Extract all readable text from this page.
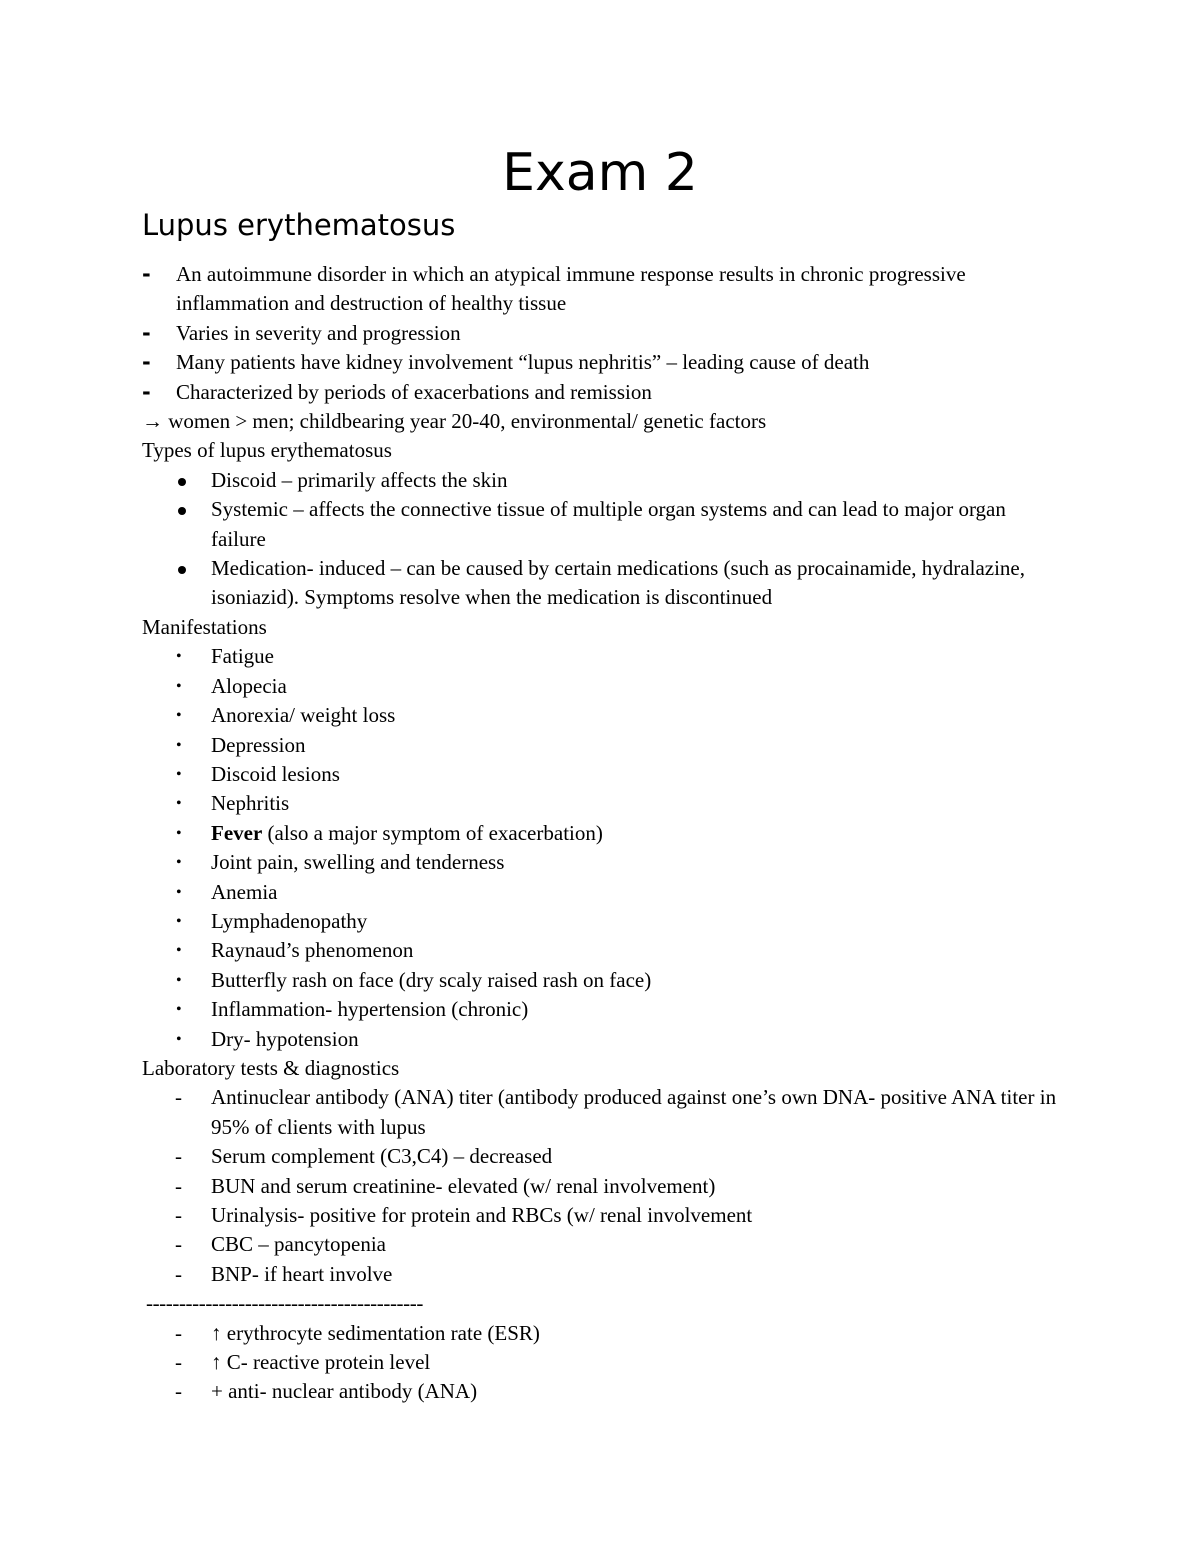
Exam 2
Lupus erythematosus
- An autoimmune disorder in which an atypical immune response results in chronic progressive inflammation and destruction of healthy tissue
- Varies in severity and progression
- Many patients have kidney involvement “lupus nephritis” – leading cause of death
- Characterized by periods of exacerbations and remission
→ women > men; childbearing year 20-40, environmental/ genetic factors
Types of lupus erythematosus
Discoid – primarily affects the skin
Systemic – affects the connective tissue of multiple organ systems and can lead to major organ failure
Medication- induced – can be caused by certain medications (such as procainamide, hydralazine, isoniazid). Symptoms resolve when the medication is discontinued
Manifestations
• Fatigue
• Alopecia
• Anorexia/ weight loss
• Depression
• Discoid lesions
• Nephritis
• Fever (also a major symptom of exacerbation)
• Joint pain, swelling and tenderness
• Anemia
• Lymphadenopathy
• Raynaud’s phenomenon
• Butterfly rash on face (dry scaly raised rash on face)
• Inflammation- hypertension (chronic)
• Dry- hypotension
Laboratory tests & diagnostics
- Antinuclear antibody (ANA) titer (antibody produced against one’s own DNA- positive ANA titer in 95% of clients with lupus
- Serum complement (C3,C4) – decreased
- BUN and serum creatinine- elevated (w/ renal involvement)
- Urinalysis- positive for protein and RBCs (w/ renal involvement
- CBC – pancytopenia
- BNP- if heart involve
------------------------------------------
- ↑ erythrocyte sedimentation rate (ESR)
- ↑ C- reactive protein level
- + anti- nuclear antibody (ANA)
